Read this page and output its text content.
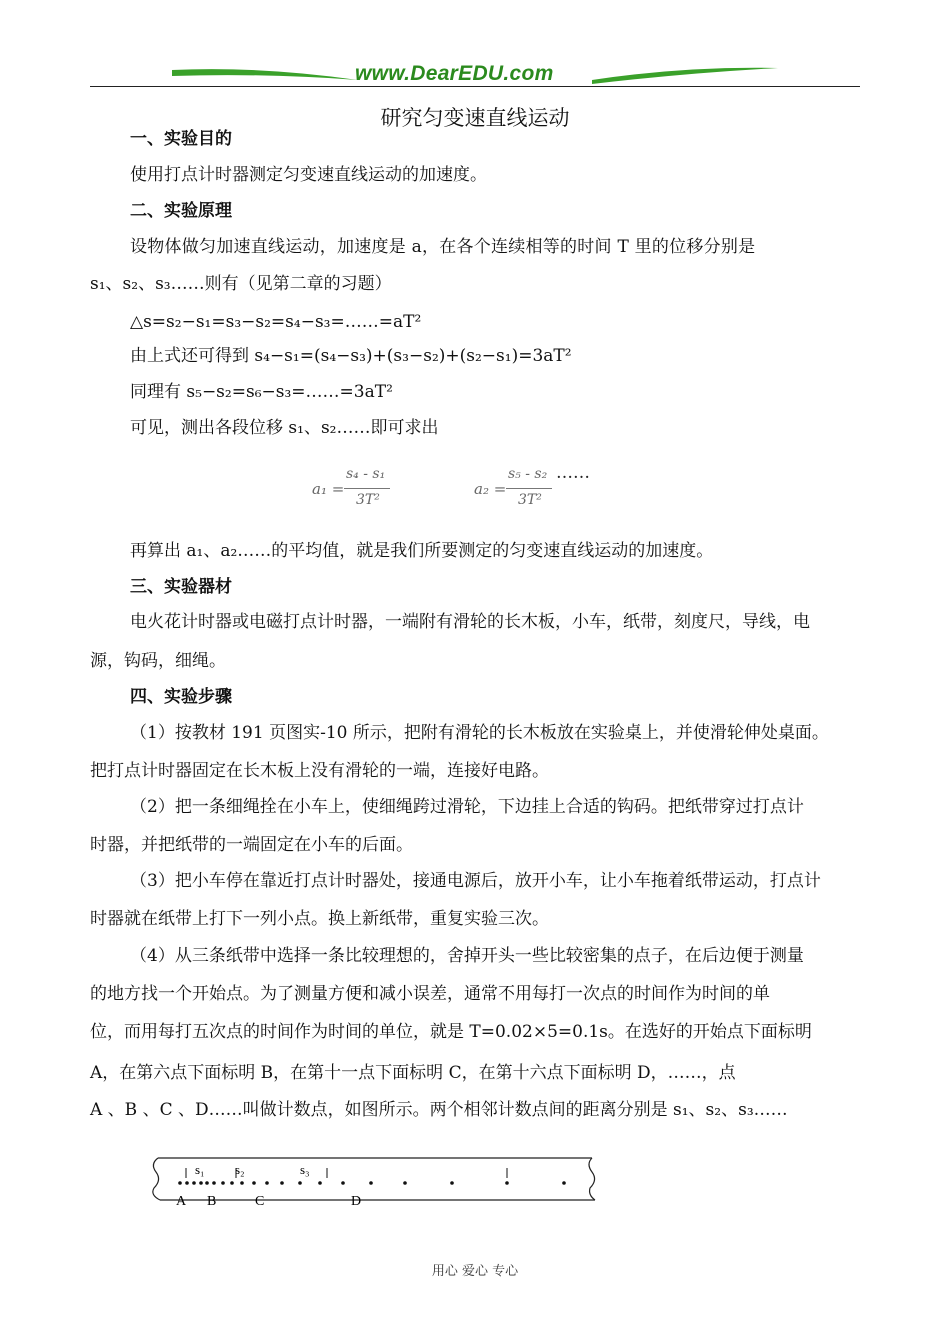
www.DearEDU.com
研究匀变速直线运动
一、实验目的
使用打点计时器测定匀变速直线运动的加速度。
二、实验原理
设物体做匀加速直线运动，加速度是 a，在各个连续相等的时间 T 里的位移分别是
s₁、s₂、s₃……则有（见第二章的习题）
△s=s₂−s₁=s₃−s₂=s₄−s₃=……=aT²
由上式还可得到 s₄−s₁=(s₄−s₃)+(s₃−s₂)+(s₂−s₁)=3aT²
同理有 s₅−s₂=s₆−s₃=……=3aT²
可见，测出各段位移 s₁、s₂……即可求出
a₁ =
s₄ - s₁
3T²
a₂ =
s₅ - s₂
3T²
……
再算出 a₁、a₂……的平均值，就是我们所要测定的匀变速直线运动的加速度。
三、实验器材
电火花计时器或电磁打点计时器，一端附有滑轮的长木板，小车，纸带，刻度尺，导线，电
源，钩码，细绳。
四、实验步骤
（1）按教材 191 页图实-10 所示，把附有滑轮的长木板放在实验桌上，并使滑轮伸处桌面。
把打点计时器固定在长木板上没有滑轮的一端，连接好电路。
（2）把一条细绳拴在小车上，使细绳跨过滑轮，下边挂上合适的钩码。把纸带穿过打点计
时器，并把纸带的一端固定在小车的后面。
（3）把小车停在靠近打点计时器处，接通电源后，放开小车，让小车拖着纸带运动，打点计
时器就在纸带上打下一列小点。换上新纸带，重复实验三次。
（4）从三条纸带中选择一条比较理想的，舍掉开头一些比较密集的点子，在后边便于测量
的地方找一个开始点。为了测量方便和减小误差，通常不用每打一次点的时间作为时间的单
位，而用每打五次点的时间作为时间的单位，就是 T=0.02×5=0.1s。在选好的开始点下面标明
A，在第六点下面标明 B，在第十一点下面标明 C，在第十六点下面标明 D，……，点
A 、B 、C 、D……叫做计数点，如图所示。两个相邻计数点间的距离分别是 s₁、s₂、s₃……
s₁ s₂	s₃
A B	C	D
用心 爱心 专心
